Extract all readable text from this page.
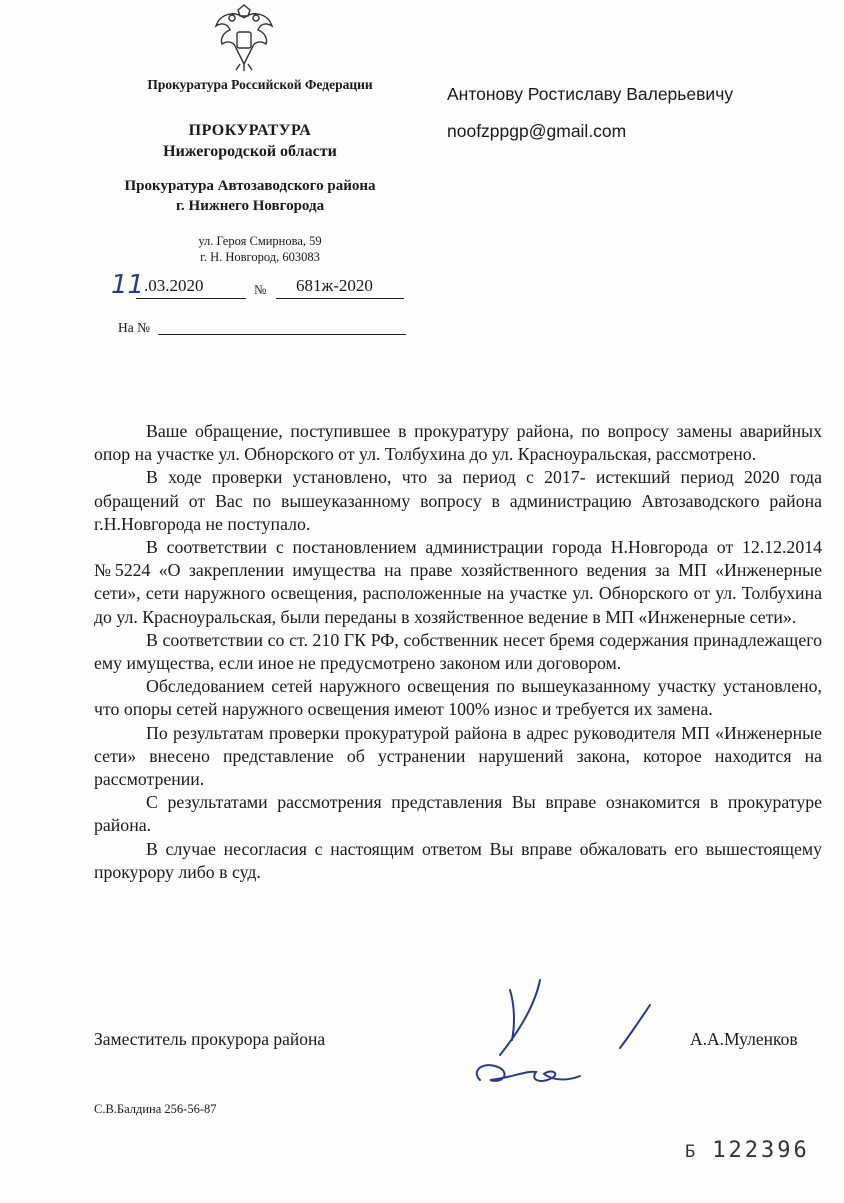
Прокуратура Российской Федерации
ПРОКУРАТУРА
Нижегородской области
Прокуратура Автозаводского района
г. Нижнего Новгорода
ул. Героя Смирнова, 59
г. Н. Новгород, 603083
11 .03.2020	№ 681ж-2020
На №
Антонову Ростиславу Валерьевичу
noofzppgp@gmail.com

Ваше обращение, поступившее в прокуратуру района, по вопросу замены аварийных опор на участке ул. Обнорского от ул. Толбухина до ул. Красноуральская, рассмотрено.

В ходе проверки установлено, что за период с 2017- истекший период 2020 года обращений от Вас по вышеуказанному вопросу в администрацию Автозаводского района г.Н.Новгорода не поступало.

В соответствии с постановлением администрации города Н.Новгорода от 12.12.2014 №5224 «О закреплении имущества на праве хозяйственного ведения за МП «Инженерные сети», сети наружного освещения, расположенные на участке ул. Обнорского от ул. Толбухина до ул. Красноуральская, были переданы в хозяйственное ведение в МП «Инженерные сети».

В соответствии со ст. 210 ГК РФ, собственник несет бремя содержания принадлежащего ему имущества, если иное не предусмотрено законом или договором.

Обследованием сетей наружного освещения по вышеуказанному участку установлено, что опоры сетей наружного освещения имеют 100% износ и требуется их замена.

По результатам проверки прокуратурой района в адрес руководителя МП «Инженерные сети» внесено представление об устранении нарушений закона, которое находится на рассмотрении.

С результатами рассмотрения представления Вы вправе ознакомится в прокуратуре района.

В случае несогласия с настоящим ответом Вы вправе обжаловать его вышестоящему прокурору либо в суд.

Заместитель прокурора района	А.А.Муленков
С.В.Балдина 256-56-87
Б 122396
